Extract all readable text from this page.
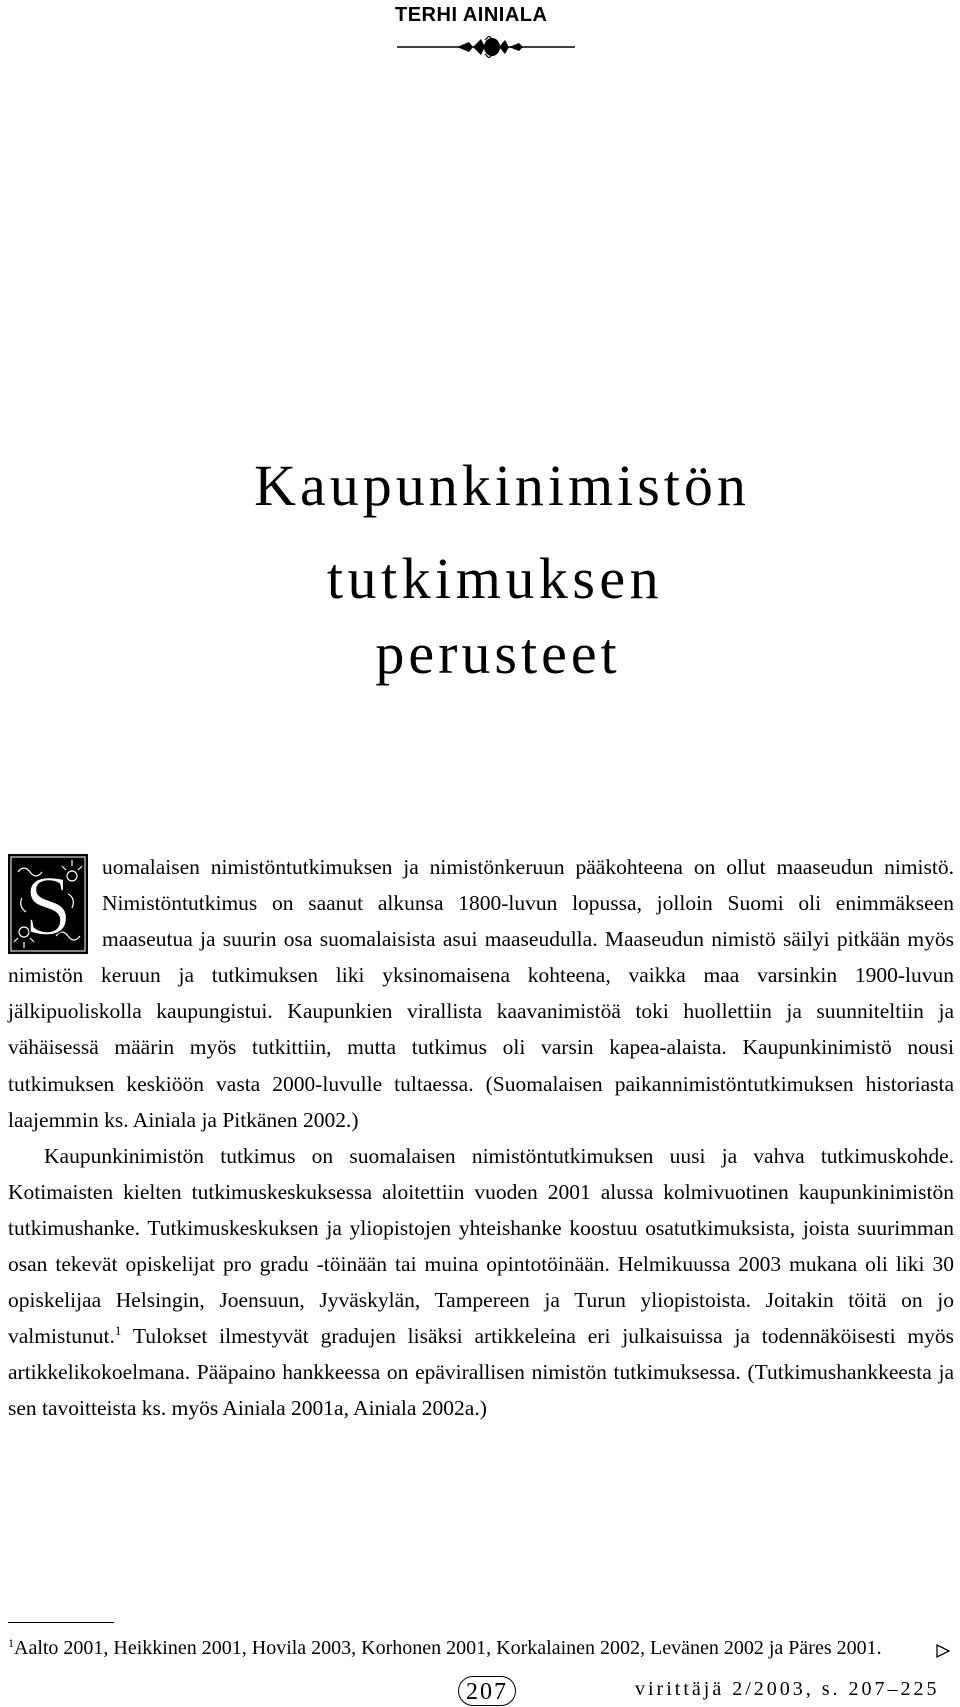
TERHI AINIALA
Kaupunkinimistön
tutkimuksen
perusteet

S uomalaisen nimistöntutkimuksen ja nimistönkeruun pääkohteena on ollut maaseudun nimistö. Nimistöntutkimus on saanut alkunsa 1800-luvun lopussa, jolloin Suomi oli enimmäkseen maaseutua ja suurin osa suomalaisista asui maaseudulla. Maaseudun nimistö säilyi pitkään myös nimistön keruun ja tutkimuksen liki yksinomaisena kohteena, vaikka maa varsinkin 1900-luvun jälkipuoliskolla kaupungistui. Kaupunkien virallista kaavanimistöä toki huollettiin ja suunniteltiin ja vähäisessä määrin myös tutkittiin, mutta tutkimus oli varsin kapea-alaista. Kaupunkinimistö nousi tutkimuksen keskiöön vasta 2000-luvulle tultaessa. (Suomalaisen paikannimistöntutkimuksen historiasta laajemmin ks. Ainiala ja Pitkänen 2002.)

Kaupunkinimistön tutkimus on suomalaisen nimistöntutkimuksen uusi ja vahva tutkimuskohde. Kotimaisten kielten tutkimuskeskuksessa aloitettiin vuoden 2001 alussa kolmivuotinen kaupunkinimistön tutkimushanke. Tutkimuskeskuksen ja yliopistojen yhteishanke koostuu osatutkimuksista, joista suurimman osan tekevät opiskelijat pro gradu -töinään tai muina opintotöinään. Helmikuussa 2003 mukana oli liki 30 opiskelijaa Helsingin, Joensuun, Jyväskylän, Tampereen ja Turun yliopistoista. Joitakin töitä on jo valmistunut.$^1$ Tulokset ilmestyvät gradujen lisäksi artikkeleina eri julkaisuissa ja todennäköisesti myös artikkelikokoelmana. Pääpaino hankkeessa on epävirallisen nimistön tutkimuksessa. (Tutkimushankkeesta ja sen tavoitteista ks. myös Ainiala 2001a, Ainiala 2002a.)

$^1$Aalto 2001, Heikkinen 2001, Hovila 2003, Korhonen 2001, Korkalainen 2002, Levänen 2002 ja Päres 2001.
207	virittäjä 2/2003, s. 207–225
